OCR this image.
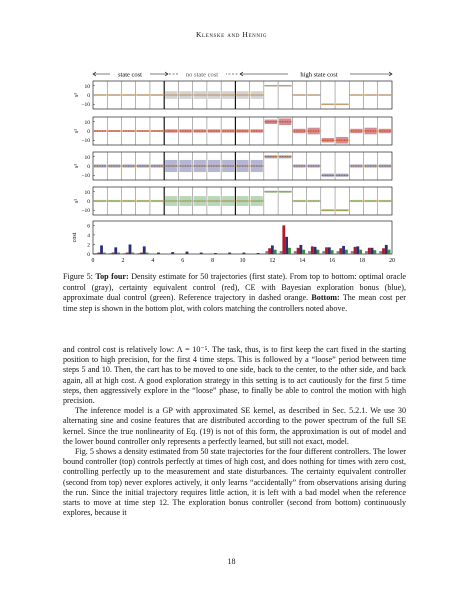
Klenske and Hennig
state cost	no state cost	high state cost
10
0
−10
s¹
10
0
−10
s¹
10
0
−10
s¹
10
0
−10
s¹
6
4
2
0
cost
0	2	4	6	8	10	12	14	16	18	20
Figure 5: Top four: Density estimate for 50 trajectories (first state). From top to bottom: optimal oracle control (gray), certainty equivalent control (red), CE with Bayesian exploration bonus (blue), approximate dual control (green). Reference trajectory in dashed orange. Bottom: The mean cost per time step is shown in the bottom plot, with colors matching the controllers noted above.

and control cost is relatively low: Λ = 10⁻⁵. The task, thus, is to first keep the cart fixed in the starting position to high precision, for the first 4 time steps. This is followed by a “loose” period between time steps 5 and 10. Then, the cart has to be moved to one side, back to the center, to the other side, and back again, all at high cost. A good exploration strategy in this setting is to act cautiously for the first 5 time steps, then aggressively explore in the “loose” phase, to finally be able to control the motion with high precision.

The inference model is a GP with approximated SE kernel, as described in Sec. 5.2.1. We use 30 alternating sine and cosine features that are distributed according to the power spectrum of the full SE kernel. Since the true nonlinearity of Eq. (19) is not of this form, the approximation is out of model and the lower bound controller only represents a perfectly learned, but still not exact, model.

Fig. 5 shows a density estimated from 50 state trajectories for the four different controllers. The lower bound controller (top) controls perfectly at times of high cost, and does nothing for times with zero cost, controlling perfectly up to the measurement and state disturbances. The certainty equivalent controller (second from top) never explores actively, it only learns “accidentally” from observations arising during the run. Since the initial trajectory requires little action, it is left with a bad model when the reference starts to move at time step 12. The exploration bonus controller (second from bottom) continuously explores, because it

18
